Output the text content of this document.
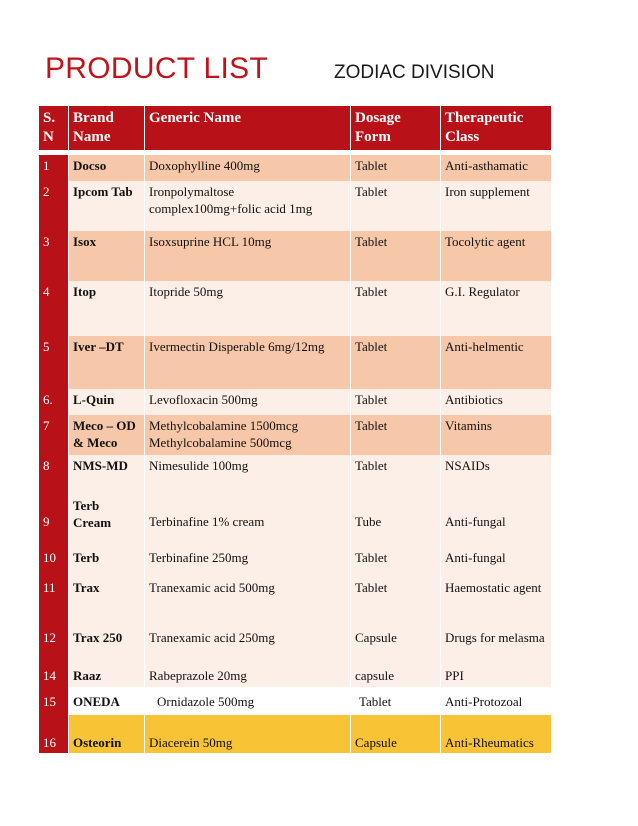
PRODUCT LIST	ZODIAC DIVISION
S. N	Brand Name	Generic Name	Dosage Form	Therapeutic Class

1	Docso	Doxophylline 400mg	Tablet	Anti-asthamatic
2	Ipcom Tab	Ironpolymaltose complex100mg+folic acid 1mg	Tablet	Iron supplement
3	Isox	Isoxsuprine HCL 10mg	Tablet	Tocolytic agent
4	Itop	Itopride 50mg	Tablet	G.I. Regulator
5	Iver –DT	Ivermectin Disperable 6mg/12mg	Tablet	Anti-helmentic
6.	L-Quin	Levofloxacin 500mg	Tablet	Antibiotics
7	Meco – OD & Meco	Methylcobalamine 1500mcg Methylcobalamine 500mcg	Tablet	Vitamins
8	NMS-MD	Nimesulide 100mg	Tablet	NSAIDs
9	Terb Cream	Terbinafine 1% cream	Tube	Anti-fungal
10	Terb	Terbinafine 250mg	Tablet	Anti-fungal
11	Trax	Tranexamic acid 500mg	Tablet	Haemostatic agent
12	Trax 250	Tranexamic acid 250mg	Capsule	Drugs for melasma
14	Raaz	Rabeprazole 20mg	capsule	PPI
15	ONEDA	Ornidazole 500mg	Tablet	Anti-Protozoal
16	Osteorin	Diacerein 50mg	Capsule	Anti-Rheumatics
